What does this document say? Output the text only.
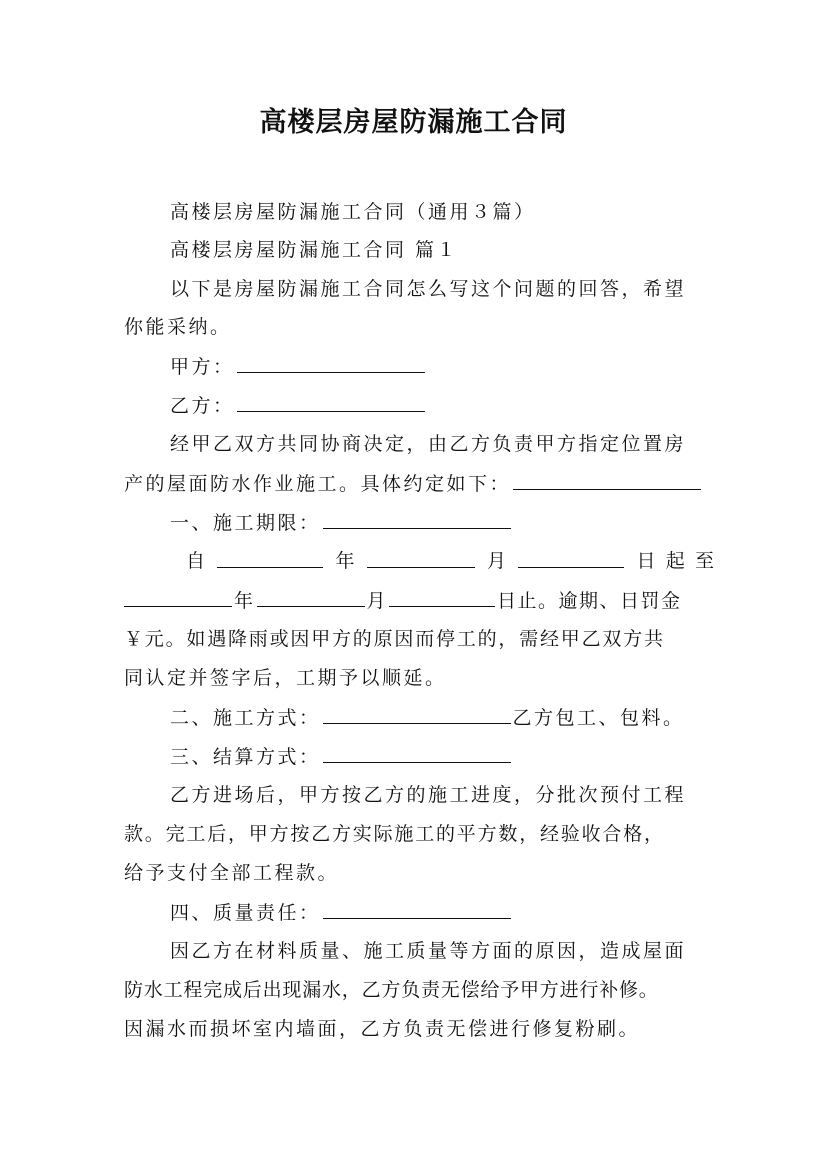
高楼层房屋防漏施工合同
高楼层房屋防漏施工合同（通用３篇）
高楼层房屋防漏施工合同 篇１
以下是房屋防漏施工合同怎么写这个问题的回答，希望
你能采纳。
甲方：
乙方：
经甲乙双方共同协商决定，由乙方负责甲方指定位置房
产的屋面防水作业施工。具体约定如下：
一、施工期限：
自	年	月	日 起 至
年	月	日止。逾期、日罚金
￥元。如遇降雨或因甲方的原因而停工的，需经甲乙双方共
同认定并签字后，工期予以顺延。
二、施工方式：	乙方包工、包料。
三、结算方式：
乙方进场后，甲方按乙方的施工进度，分批次预付工程
款。完工后，甲方按乙方实际施工的平方数，经验收合格，
给予支付全部工程款。
四、质量责任：
因乙方在材料质量、施工质量等方面的原因，造成屋面
防水工程完成后出现漏水，乙方负责无偿给予甲方进行补修。
因漏水而损坏室内墙面，乙方负责无偿进行修复粉刷。
